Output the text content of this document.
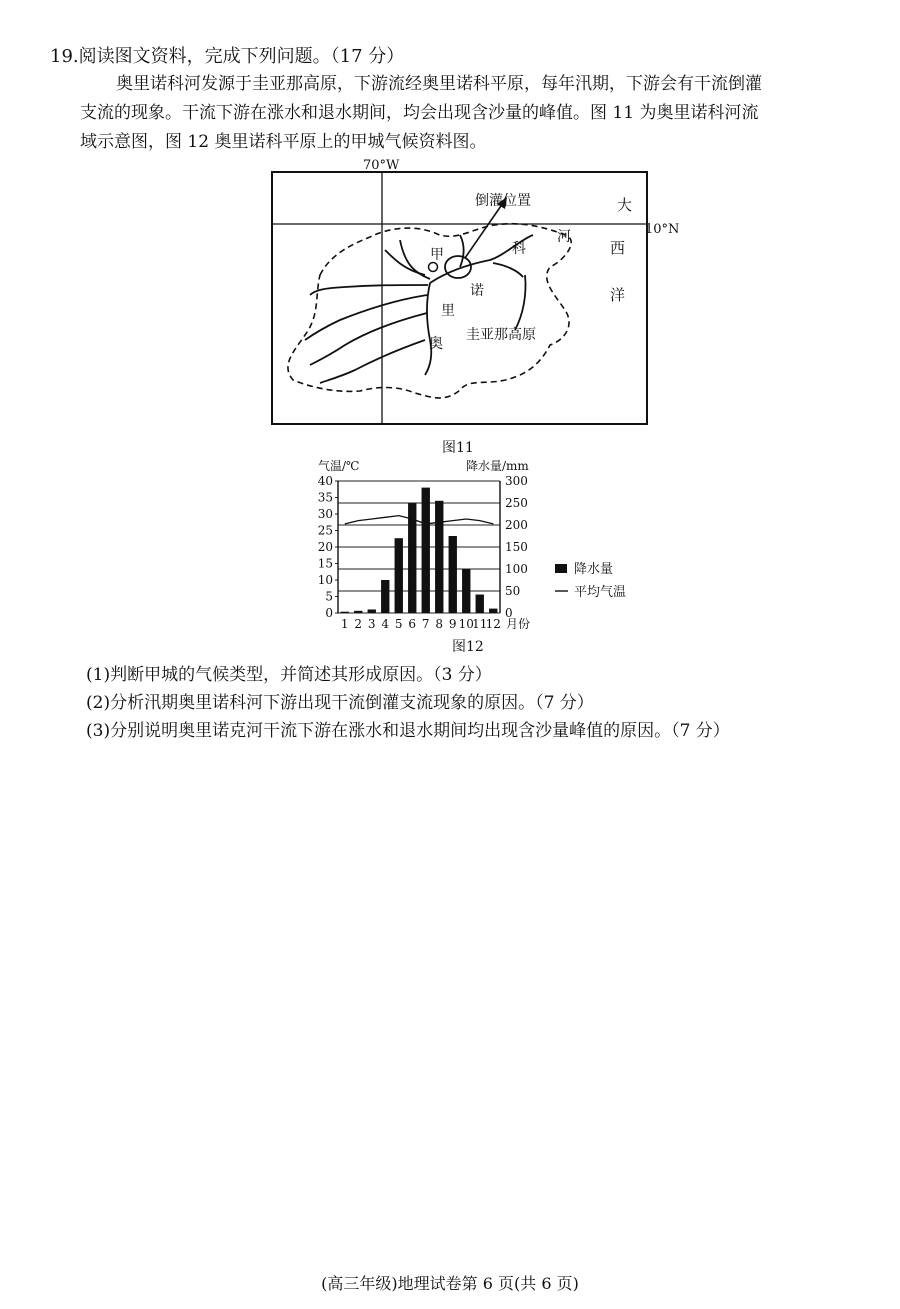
19.阅读图文资料，完成下列问题。（17 分）
奥里诺科河发源于圭亚那高原，下游流经奥里诺科平原，每年汛期，下游会有干流倒灌
支流的现象。干流下游在涨水和退水期间，均会出现含沙量的峰值。图 11 为奥里诺科河流
域示意图，图 12 奥里诺科平原上的甲城气候资料图。
70°W
10°N
倒灌位置
甲
大
西
洋
科
河
诺
里
奥
圭亚那高原
图11
0
50
100
150
200
250
300
0
5
10
15
20
25
30
35
40
气温/℃	降水量/mm
1 2 3 4 5 6 7 8 9 10
11
12 月份
降水量
平均气温
图12
(1)判断甲城的气候类型，并简述其形成原因。（3 分）
(2)分析汛期奥里诺科河下游出现干流倒灌支流现象的原因。（7 分）
(3)分别说明奥里诺克河干流下游在涨水和退水期间均出现含沙量峰值的原因。（7 分）
(高三年级)地理试卷第 6 页(共 6 页)
